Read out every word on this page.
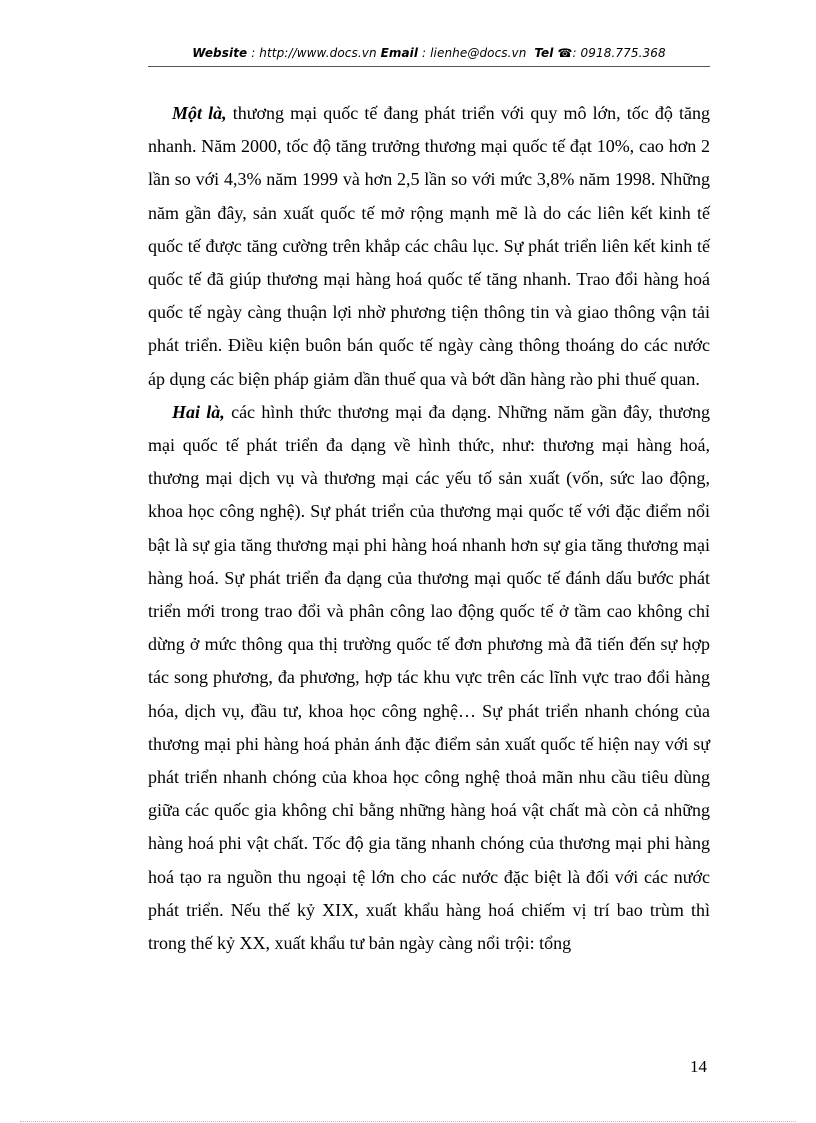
Website : http://www.docs.vn Email : lienhe@docs.vn Tel ☎: 0918.775.368

Một là, thương mại quốc tế đang phát triển với quy mô lớn, tốc độ tăng nhanh. Năm 2000, tốc độ tăng trưởng thương mại quốc tế đạt 10%, cao hơn 2 lần so với 4,3% năm 1999 và hơn 2,5 lần so với mức 3,8% năm 1998. Những năm gần đây, sản xuất quốc tế mở rộng mạnh mẽ là do các liên kết kinh tế quốc tế được tăng cường trên khắp các châu lục. Sự phát triển liên kết kinh tế quốc tế đã giúp thương mại hàng hoá quốc tế tăng nhanh. Trao đổi hàng hoá quốc tế ngày càng thuận lợi nhờ phương tiện thông tin và giao thông vận tải phát triển. Điều kiện buôn bán quốc tế ngày càng thông thoáng do các nước áp dụng các biện pháp giảm dần thuế qua và bớt dần hàng rào phi thuế quan.

Hai là, các hình thức thương mại đa dạng. Những năm gần đây, thương mại quốc tế phát triển đa dạng về hình thức, như: thương mại hàng hoá, thương mại dịch vụ và thương mại các yếu tố sản xuất (vốn, sức lao động, khoa học công nghệ). Sự phát triển của thương mại quốc tế với đặc điểm nổi bật là sự gia tăng thương mại phi hàng hoá nhanh hơn sự gia tăng thương mại hàng hoá. Sự phát triển đa dạng của thương mại quốc tế đánh dấu bước phát triển mới trong trao đổi và phân công lao động quốc tế ở tầm cao không chỉ dừng ở mức thông qua thị trường quốc tế đơn phương mà đã tiến đến sự hợp tác song phương, đa phương, hợp tác khu vực trên các lĩnh vực trao đổi hàng hóa, dịch vụ, đầu tư, khoa học công nghệ… Sự phát triển nhanh chóng của thương mại phi hàng hoá phản ánh đặc điểm sản xuất quốc tế hiện nay với sự phát triển nhanh chóng của khoa học công nghệ thoả mãn nhu cầu tiêu dùng giữa các quốc gia không chỉ bằng những hàng hoá vật chất mà còn cả những hàng hoá phi vật chất. Tốc độ gia tăng nhanh chóng của thương mại phi hàng hoá tạo ra nguồn thu ngoại tệ lớn cho các nước đặc biệt là đối với các nước phát triển. Nếu thế kỷ XIX, xuất khẩu hàng hoá chiếm vị trí bao trùm thì trong thế kỷ XX, xuất khẩu tư bản ngày càng nổi trội: tổng

14
